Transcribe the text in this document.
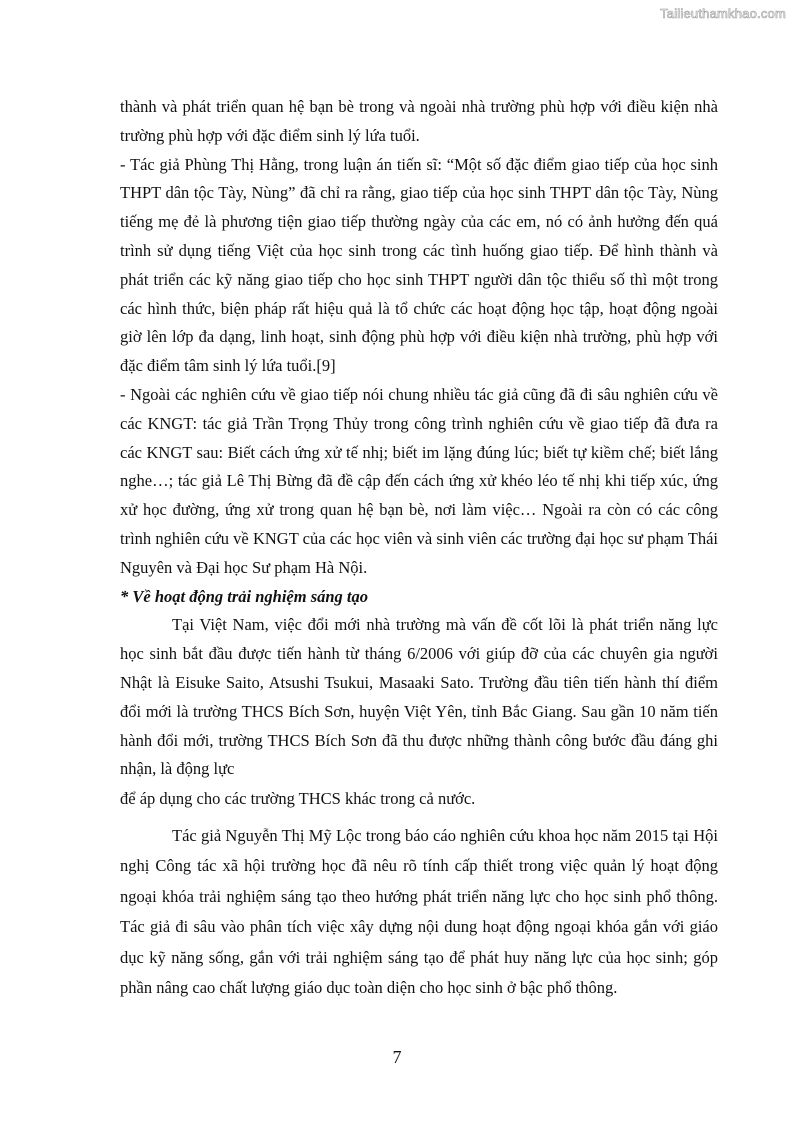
Tailieuthamkhao.com

thành và phát triển quan hệ bạn bè trong và ngoài nhà trường phù hợp với điều kiện nhà trường phù hợp với đặc điểm sinh lý lứa tuổi.

- Tác giả Phùng Thị Hằng, trong luận án tiến sĩ: “Một số đặc điểm giao tiếp của học sinh THPT dân tộc Tày, Nùng” đã chỉ ra rằng, giao tiếp của học sinh THPT dân tộc Tày, Nùng tiếng mẹ đẻ là phương tiện giao tiếp thường ngày của các em, nó có ảnh hưởng đến quá trình sử dụng tiếng Việt của học sinh trong các tình huống giao tiếp. Để hình thành và phát triển các kỹ năng giao tiếp cho học sinh THPT người dân tộc thiểu số thì một trong các hình thức, biện pháp rất hiệu quả là tổ chức các hoạt động học tập, hoạt động ngoài giờ lên lớp đa dạng, linh hoạt, sinh động phù hợp với điều kiện nhà trường, phù hợp với đặc điểm tâm sinh lý lứa tuổi.[9]

- Ngoài các nghiên cứu về giao tiếp nói chung nhiều tác giả cũng đã đi sâu nghiên cứu về các KNGT: tác giả Trần Trọng Thủy trong công trình nghiên cứu về giao tiếp đã đưa ra các KNGT sau: Biết cách ứng xử tế nhị; biết im lặng đúng lúc; biết tự kiềm chế; biết lắng nghe…; tác giả Lê Thị Bừng đã đề cập đến cách ứng xử khéo léo tế nhị khi tiếp xúc, ứng xử học đường, ứng xử trong quan hệ bạn bè, nơi làm việc… Ngoài ra còn có các công trình nghiên cứu về KNGT của các học viên và sinh viên các trường đại học sư phạm Thái Nguyên và Đại học Sư phạm Hà Nội.

* Về hoạt động trải nghiệm sáng tạo

Tại Việt Nam, việc đổi mới nhà trường mà vấn đề cốt lõi là phát triển năng lực học sinh bắt đầu được tiến hành từ tháng 6/2006 với giúp đỡ của các chuyên gia người Nhật là Eisuke Saito, Atsushi Tsukui, Masaaki Sato. Trường đầu tiên tiến hành thí điểm đổi mới là trường THCS Bích Sơn, huyện Việt Yên, tỉnh Bắc Giang. Sau gần 10 năm tiến hành đổi mới, trường THCS Bích Sơn đã thu được những thành công bước đầu đáng ghi nhận, là động lực

để áp dụng cho các trường THCS khác trong cả nước.

Tác giả Nguyễn Thị Mỹ Lộc trong báo cáo nghiên cứu khoa học năm 2015 tại Hội nghị Công tác xã hội trường học đã nêu rõ tính cấp thiết trong việc quản lý hoạt động ngoại khóa trải nghiệm sáng tạo theo hướng phát triển năng lực cho học sinh phổ thông. Tác giả đi sâu vào phân tích việc xây dựng nội dung hoạt động ngoại khóa gắn với giáo dục kỹ năng sống, gắn với trải nghiệm sáng tạo để phát huy năng lực của học sinh; góp phần nâng cao chất lượng giáo dục toàn diện cho học sinh ở bậc phổ thông.

7
